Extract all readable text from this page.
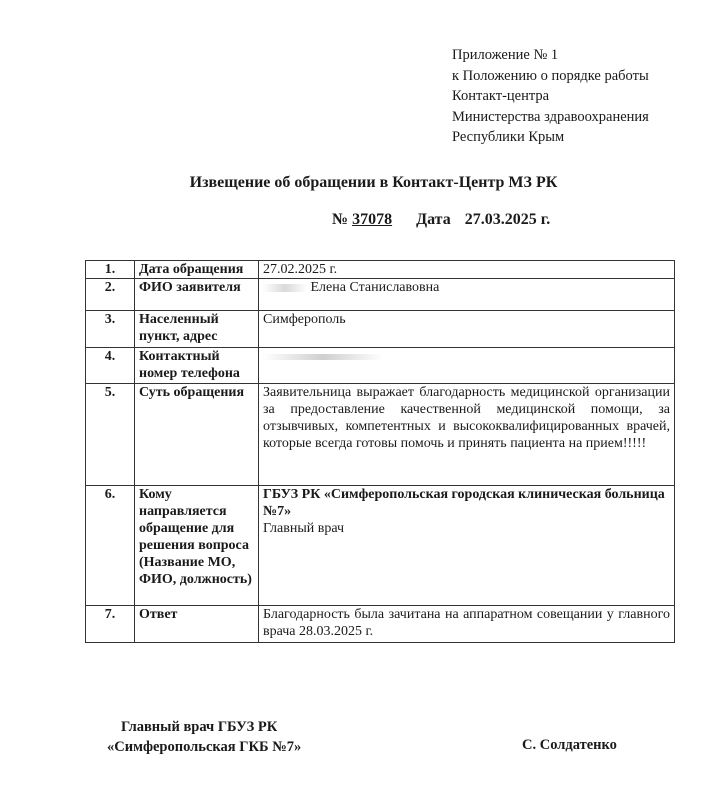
Приложение № 1
к Положению о порядке работы
Контакт-центра
Министерства здравоохранения
Республики Крым
Извещение об обращении в Контакт-Центр МЗ РК
№ 37078 Дата 27.03.2025 г.
1.	Дата обращения	27.02.2025 г.
2.	ФИО заявителя	Елена Станиславовна
3.	Населенный пункт, адрес	Симферополь
4.	Контактный номер телефона	
5.	Суть обращения	Заявительница выражает благодарность медицинской организации за предоставление качественной медицинской помощи, за отзывчивых, компетентных и высококвалифицированных врачей, которые всегда готовы помочь и принять пациента на прием!!!!!
6.	Кому направляется обращение для решения вопроса (Название МО, ФИО, должность)	ГБУЗ РК «Симферопольская городская клиническая больница №7»
Главный врач

7.	Ответ	Благодарность была зачитана на аппаратном совещании у главного врача 28.03.2025 г.
Главный врач ГБУЗ РК
«Симферопольская ГКБ №7»	С. Солдатенко
